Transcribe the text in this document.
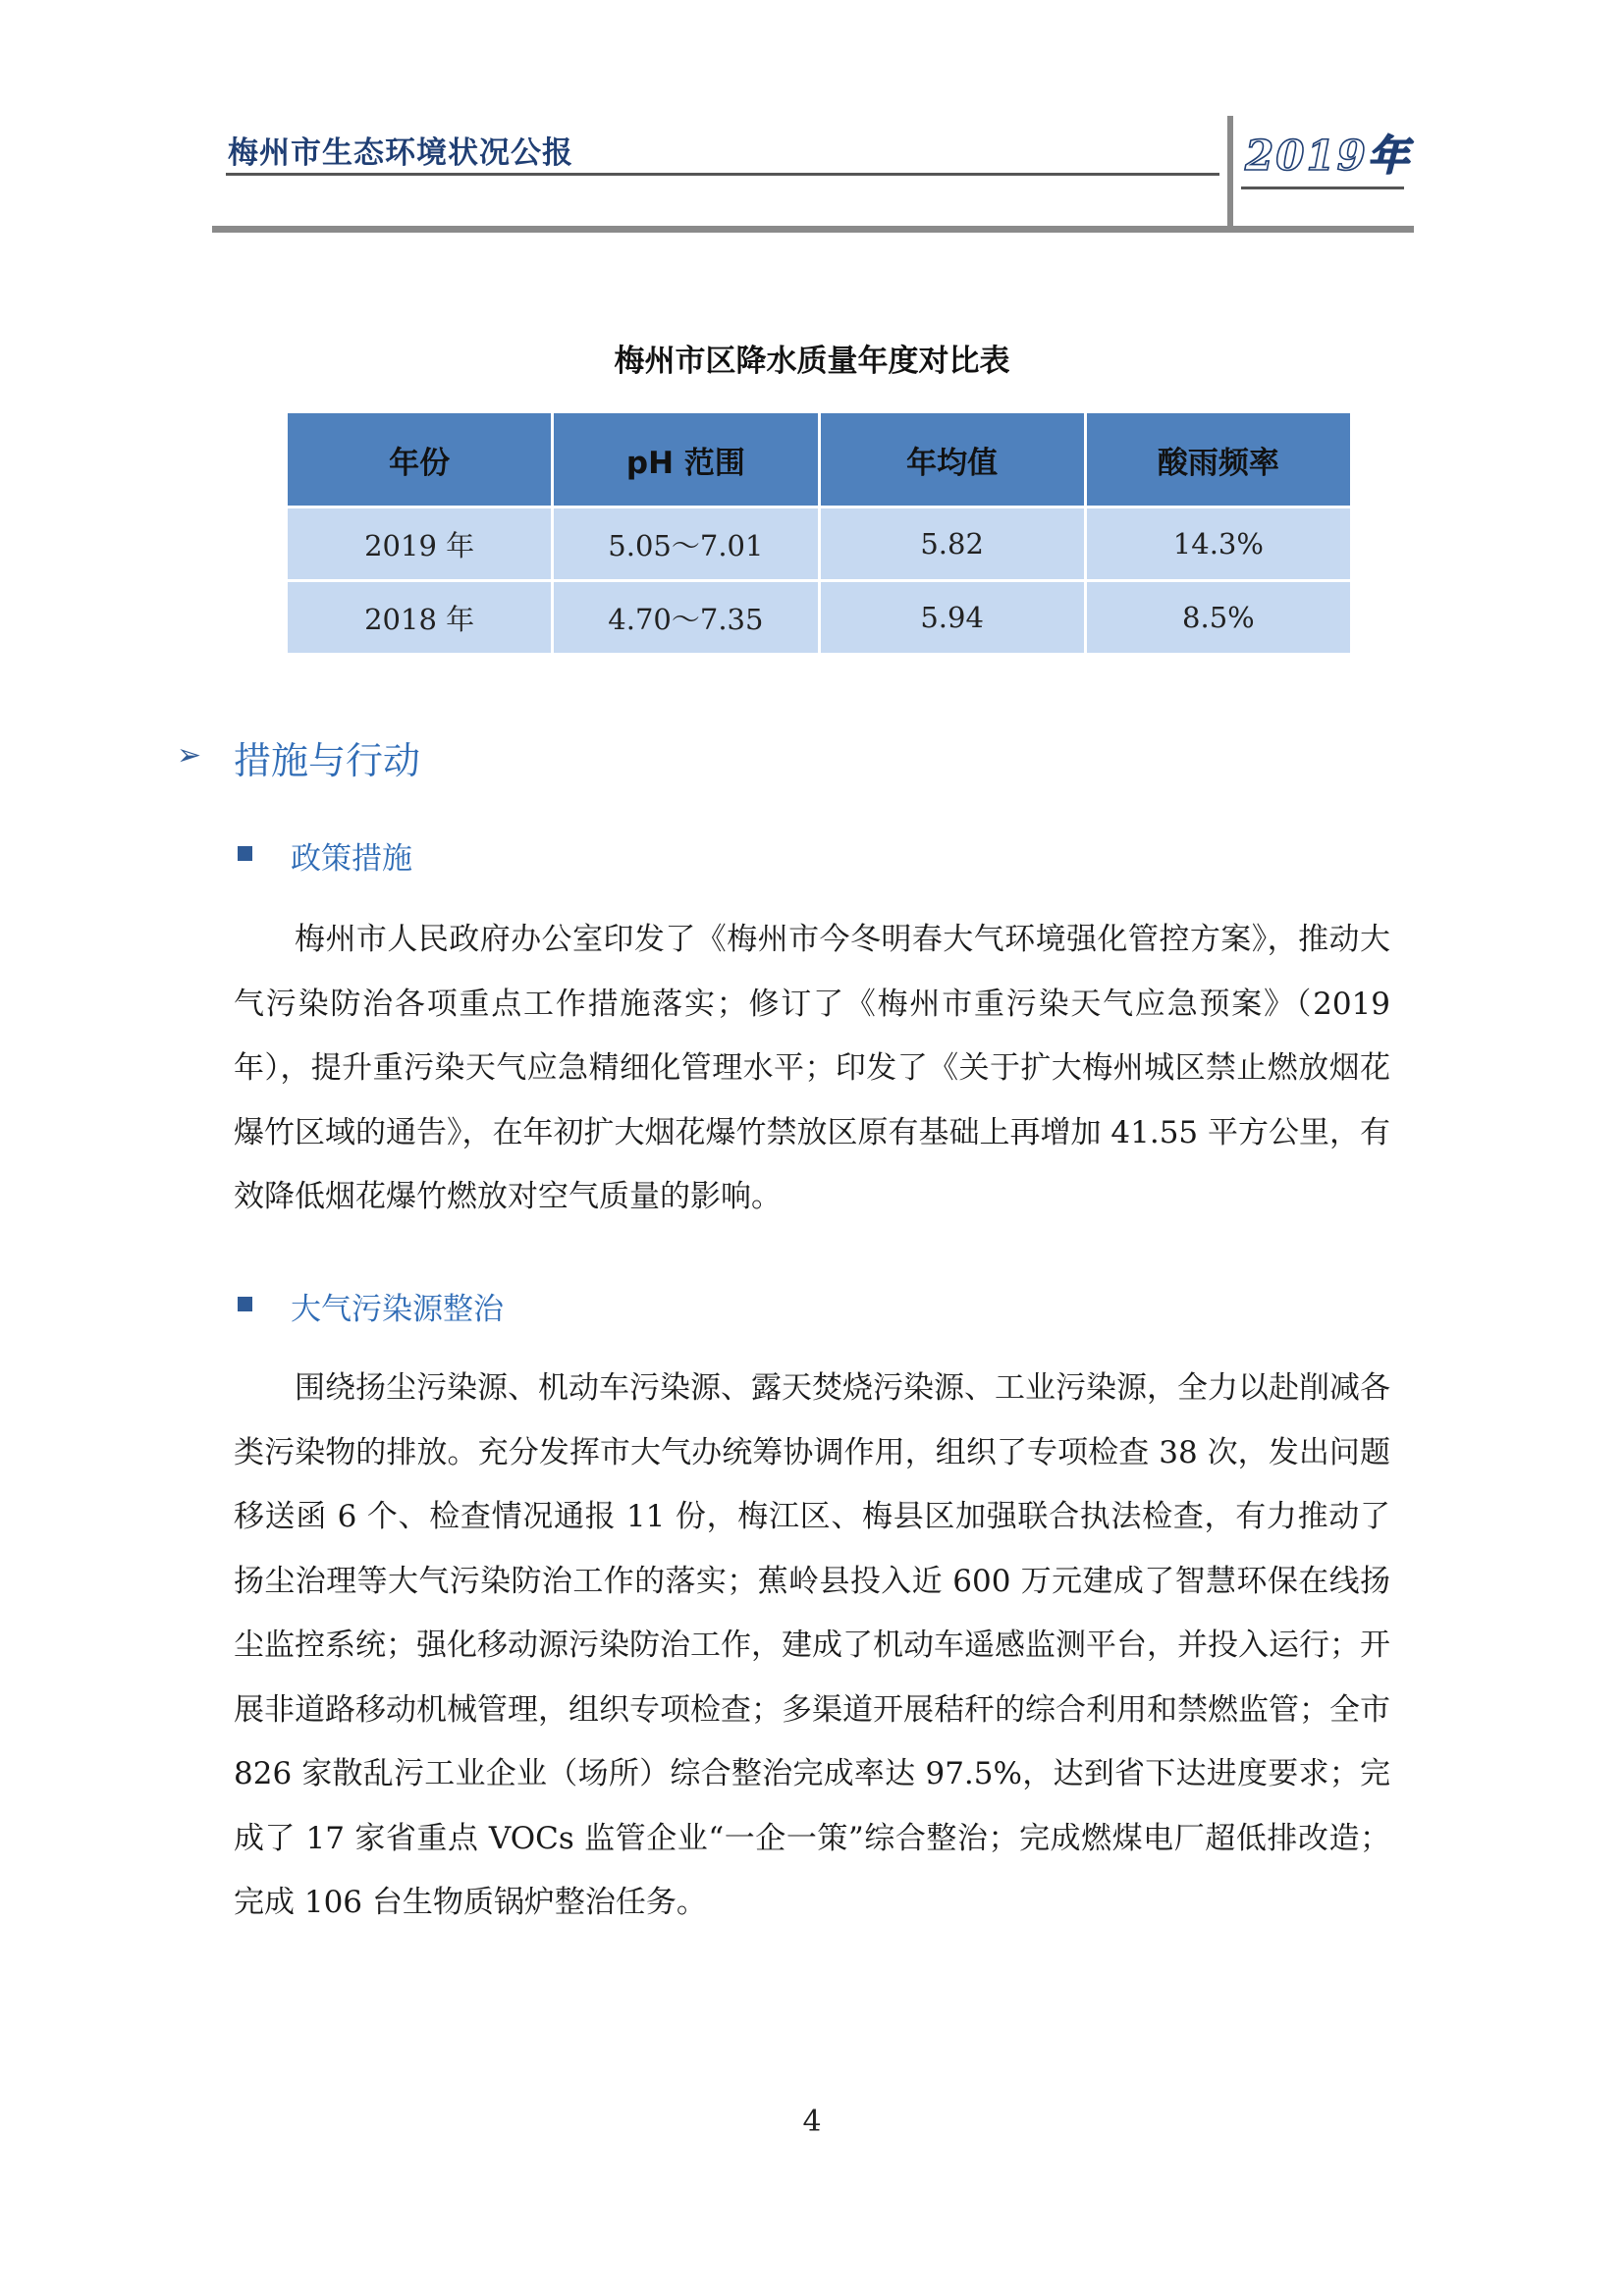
梅州市生态环境状况公报	2019年
梅州市区降水质量年度对比表
年份	pH 范围	年均值	酸雨频率
2019 年	5.05～7.01	5.82	14.3%
2018 年	4.70～7.35	5.94	8.5%
➢ 措施与行动
政策措施

梅州市人民政府办公室印发了《梅州市今冬明春大气环境强化管控方案》，推动大气污染防治各项重点工作措施落实；修订了《梅州市重污染天气应急预案》（2019 年），提升重污染天气应急精细化管理水平；印发了《关于扩大梅州城区禁止燃放烟花爆竹区域的通告》，在年初扩大烟花爆竹禁放区原有基础上再增加 41.55 平方公里，有效降低烟花爆竹燃放对空气质量的影响。

大气污染源整治

围绕扬尘污染源、机动车污染源、露天焚烧污染源、工业污染源，全力以赴削减各类污染物的排放。充分发挥市大气办统筹协调作用，组织了专项检查 38 次，发出问题移送函 6 个、检查情况通报 11 份，梅江区、梅县区加强联合执法检查，有力推动了扬尘治理等大气污染防治工作的落实；蕉岭县投入近 600 万元建成了智慧环保在线扬尘监控系统；强化移动源污染防治工作，建成了机动车遥感监测平台，并投入运行；开展非道路移动机械管理，组织专项检查；多渠道开展秸秆的综合利用和禁燃监管；全市 826 家散乱污工业企业（场所）综合整治完成率达 97.5%，达到省下达进度要求；完成了 17 家省重点 VOCs 监管企业“一企一策”综合整治；完成燃煤电厂超低排改造；完成 106 台生物质锅炉整治任务。

4
